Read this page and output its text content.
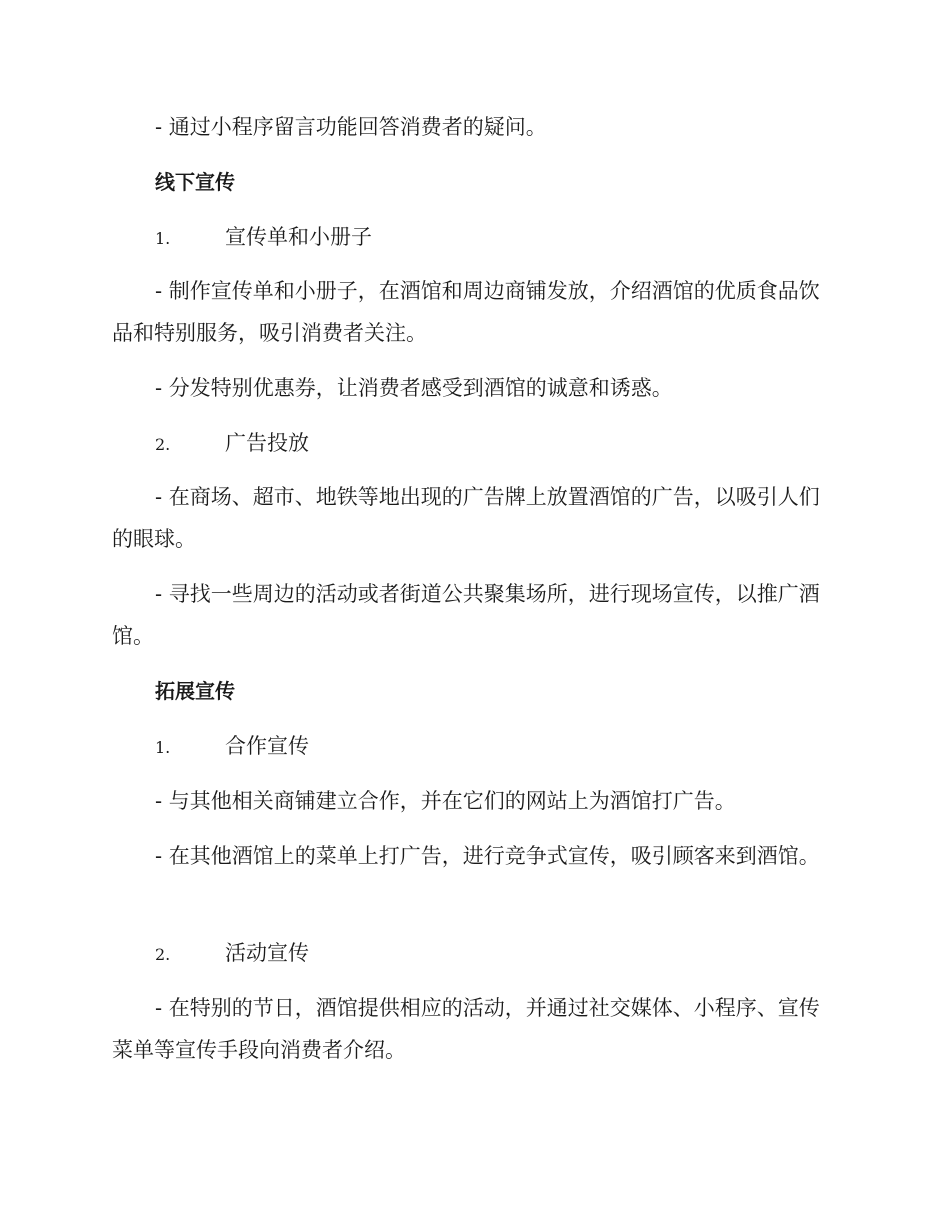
- 通过小程序留言功能回答消费者的疑问。
线下宣传
1.	宣传单和小册子
- 制作宣传单和小册子，在酒馆和周边商铺发放，介绍酒馆的优质食品饮品和特别服务，吸引消费者关注。
- 分发特别优惠券，让消费者感受到酒馆的诚意和诱惑。
2.	广告投放
- 在商场、超市、地铁等地出现的广告牌上放置酒馆的广告，以吸引人们的眼球。
- 寻找一些周边的活动或者街道公共聚集场所，进行现场宣传，以推广酒馆。
拓展宣传
1.	合作宣传
- 与其他相关商铺建立合作，并在它们的网站上为酒馆打广告。
- 在其他酒馆上的菜单上打广告，进行竞争式宣传，吸引顾客来到酒馆。
2.	活动宣传
- 在特别的节日，酒馆提供相应的活动，并通过社交媒体、小程序、宣传菜单等宣传手段向消费者介绍。
